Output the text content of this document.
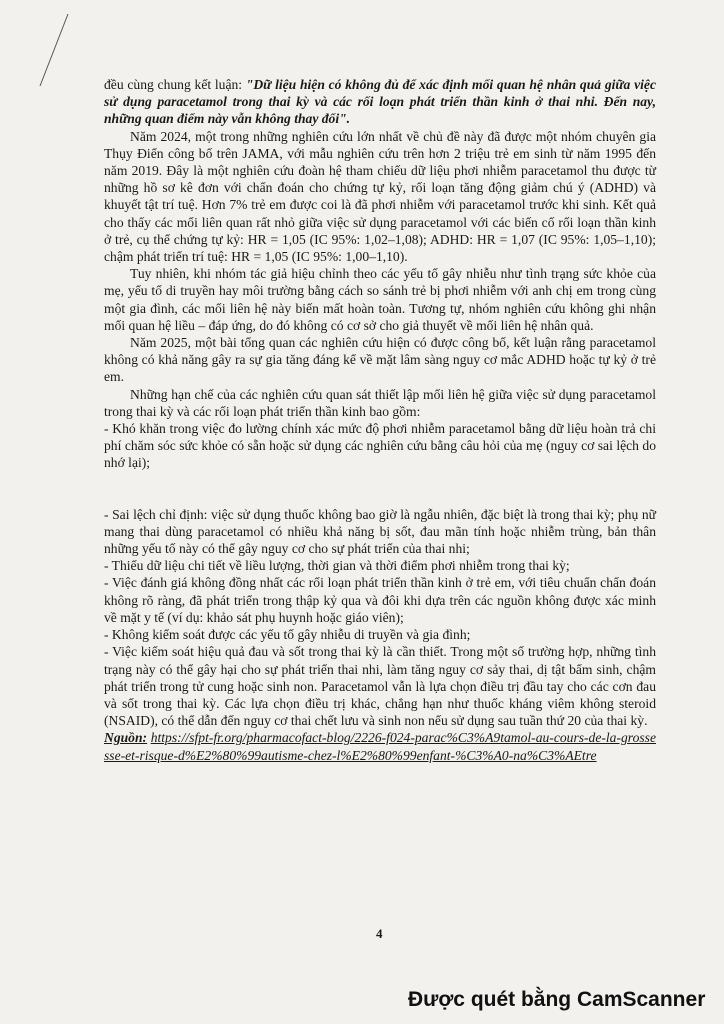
đều cùng chung kết luận: "Dữ liệu hiện có không đủ để xác định mối quan hệ nhân quả giữa việc sử dụng paracetamol trong thai kỳ và các rối loạn phát triển thần kinh ở thai nhi. Đến nay, những quan điểm này vẫn không thay đổi".

Năm 2024, một trong những nghiên cứu lớn nhất về chủ đề này đã được một nhóm chuyên gia Thụy Điển công bố trên JAMA, với mẫu nghiên cứu trên hơn 2 triệu trẻ em sinh từ năm 1995 đến năm 2019. Đây là một nghiên cứu đoàn hệ tham chiếu dữ liệu phơi nhiễm paracetamol thu được từ những hồ sơ kê đơn với chẩn đoán cho chứng tự kỷ, rối loạn tăng động giảm chú ý (ADHD) và khuyết tật trí tuệ. Hơn 7% trẻ em được coi là đã phơi nhiễm với paracetamol trước khi sinh. Kết quả cho thấy các mối liên quan rất nhỏ giữa việc sử dụng paracetamol với các biến cố rối loạn thần kinh ở trẻ, cụ thể chứng tự kỷ: HR = 1,05 (IC 95%: 1,02–1,08); ADHD: HR = 1,07 (IC 95%: 1,05–1,10); chậm phát triển trí tuệ: HR = 1,05 (IC 95%: 1,00–1,10).

Tuy nhiên, khi nhóm tác giả hiệu chỉnh theo các yếu tố gây nhiễu như tình trạng sức khỏe của mẹ, yếu tố di truyền hay môi trường bằng cách so sánh trẻ bị phơi nhiễm với anh chị em trong cùng một gia đình, các mối liên hệ này biến mất hoàn toàn. Tương tự, nhóm nghiên cứu không ghi nhận mối quan hệ liều – đáp ứng, do đó không có cơ sở cho giả thuyết về mối liên hệ nhân quả.

Năm 2025, một bài tổng quan các nghiên cứu hiện có được công bố, kết luận rằng paracetamol không có khả năng gây ra sự gia tăng đáng kể về mặt lâm sàng nguy cơ mắc ADHD hoặc tự kỷ ở trẻ em.

Những hạn chế của các nghiên cứu quan sát thiết lập mối liên hệ giữa việc sử dụng paracetamol trong thai kỳ và các rối loạn phát triển thần kinh bao gồm:

- Khó khăn trong việc đo lường chính xác mức độ phơi nhiễm paracetamol bằng dữ liệu hoàn trả chi phí chăm sóc sức khỏe có sẵn hoặc sử dụng các nghiên cứu bằng câu hỏi của mẹ (nguy cơ sai lệch do nhớ lại);

- Sai lệch chỉ định: việc sử dụng thuốc không bao giờ là ngẫu nhiên, đặc biệt là trong thai kỳ; phụ nữ mang thai dùng paracetamol có nhiều khả năng bị sốt, đau mãn tính hoặc nhiễm trùng, bản thân những yếu tố này có thể gây nguy cơ cho sự phát triển của thai nhi;

- Thiếu dữ liệu chi tiết về liều lượng, thời gian và thời điểm phơi nhiễm trong thai kỳ;

- Việc đánh giá không đồng nhất các rối loạn phát triển thần kinh ở trẻ em, với tiêu chuẩn chẩn đoán không rõ ràng, đã phát triển trong thập kỷ qua và đôi khi dựa trên các nguồn không được xác minh về mặt y tế (ví dụ: khảo sát phụ huynh hoặc giáo viên);

- Không kiểm soát được các yếu tố gây nhiễu di truyền và gia đình;

- Việc kiểm soát hiệu quả đau và sốt trong thai kỳ là cần thiết. Trong một số trường hợp, những tình trạng này có thể gây hại cho sự phát triển thai nhi, làm tăng nguy cơ sảy thai, dị tật bẩm sinh, chậm phát triển trong tử cung hoặc sinh non. Paracetamol vẫn là lựa chọn điều trị đầu tay cho các cơn đau và sốt trong thai kỳ. Các lựa chọn điều trị khác, chẳng hạn như thuốc kháng viêm không steroid (NSAID), có thể dẫn đến nguy cơ thai chết lưu và sinh non nếu sử dụng sau tuần thứ 20 của thai kỳ.

Nguồn: https://sfpt-fr.org/pharmacofact-blog/2226-f024-parac%C3%A9tamol-au-cours-de-la-grossesse-et-risque-d%E2%80%99autisme-chez-l%E2%80%99enfant-%C3%A0-na%C3%AEtre

4
Được quét bằng CamScanner
